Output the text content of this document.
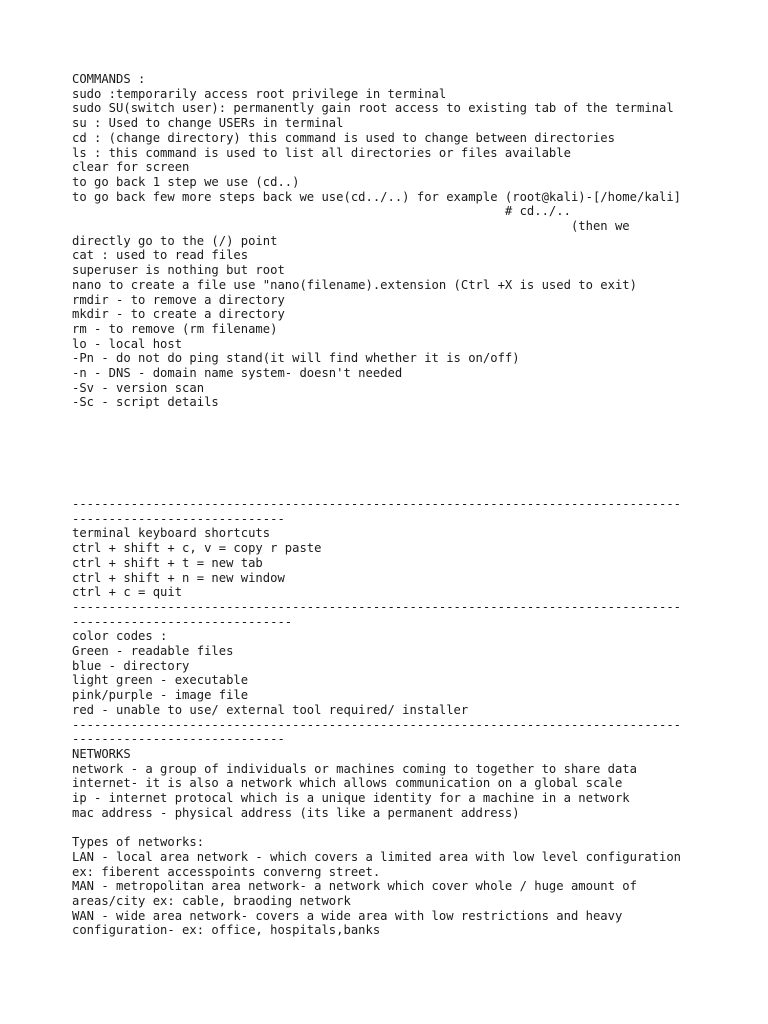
COMMANDS :
sudo :temporarily access root privilege in terminal
sudo SU(switch user): permanently gain root access to existing tab of the terminal
su : Used to change USERs in terminal
cd : (change directory) this command is used to change between directories
ls : this command is used to list all directories or files available
clear for screen
to go back 1 step we use (cd..)
to go back few more steps back we use(cd../..) for example (root@kali)-[/home/kali]
# cd../..
(then we
directly go to the (/) point
cat : used to read files
superuser is nothing but root
nano to create a file use "nano(filename).extension (Ctrl +X is used to exit)
rmdir - to remove a directory
mkdir - to create a directory
rm - to remove (rm filename)
lo - local host
-Pn - do not do ping stand(it will find whether it is on/off)
-n - DNS - domain name system- doesn't needed
-Sv - version scan
-Sc - script details

-----------------------------------------------------------------------------------
-----------------------------
terminal keyboard shortcuts
ctrl + shift + c, v = copy r paste
ctrl + shift + t = new tab
ctrl + shift + n = new window
ctrl + c = quit
-----------------------------------------------------------------------------------
------------------------------
color codes :
Green - readable files
blue - directory
light green - executable
pink/purple - image file
red - unable to use/ external tool required/ installer
-----------------------------------------------------------------------------------
-----------------------------
NETWORKS
network - a group of individuals or machines coming to together to share data
internet- it is also a network which allows communication on a global scale
ip - internet protocal which is a unique identity for a machine in a network
mac address - physical address (its like a permanent address)

Types of networks:
LAN - local area network - which covers a limited area with low level configuration
ex: fiberent accesspoints converng street.
MAN - metropolitan area network- a network which cover whole / huge amount of
areas/city ex: cable, braoding network
WAN - wide area network- covers a wide area with low restrictions and heavy
configuration- ex: office, hospitals,banks
